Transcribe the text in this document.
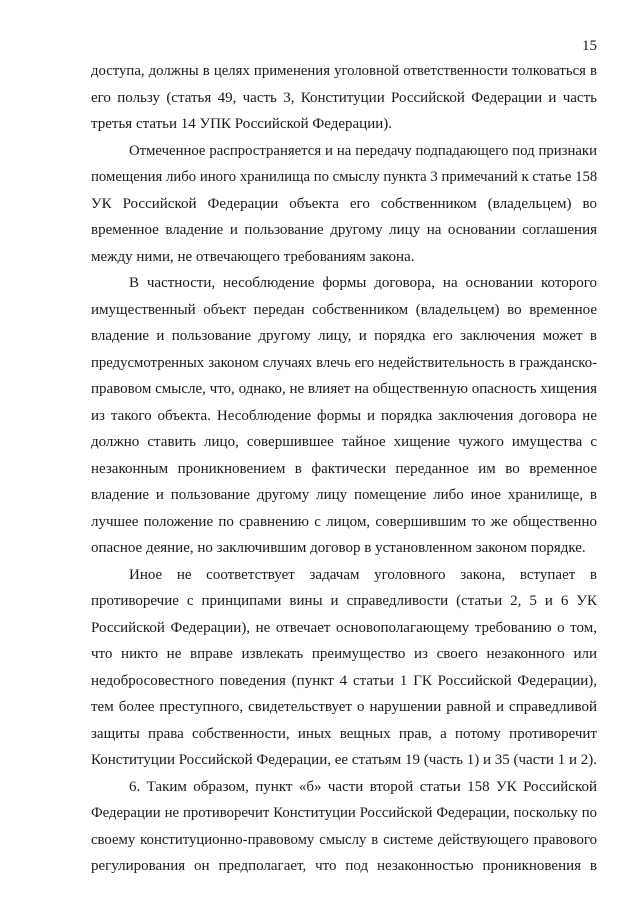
15
доступа, должны в целях применения уголовной ответственности толковаться в
его пользу (статья 49, часть 3, Конституции Российской Федерации и часть
третья статьи 14 УПК Российской Федерации).
Отмеченное распространяется и на передачу подпадающего под признаки
помещения либо иного хранилища по смыслу пункта 3 примечаний к статье 158
УК Российской Федерации объекта его собственником (владельцем) во
временное владение и пользование другому лицу на основании соглашения
между ними, не отвечающего требованиям закона.
В частности, несоблюдение формы договора, на основании которого
имущественный объект передан собственником (владельцем) во временное
владение и пользование другому лицу, и порядка его заключения может в
предусмотренных законом случаях влечь его недействительность в гражданско-
правовом смысле, что, однако, не влияет на общественную опасность хищения
из такого объекта. Несоблюдение формы и порядка заключения договора не
должно ставить лицо, совершившее тайное хищение чужого имущества с
незаконным проникновением в фактически переданное им во временное
владение и пользование другому лицу помещение либо иное хранилище, в
лучшее положение по сравнению с лицом, совершившим то же общественно
опасное деяние, но заключившим договор в установленном законом порядке.
Иное не соответствует задачам уголовного закона, вступает в
противоречие с принципами вины и справедливости (статьи 2, 5 и 6 УК
Российской Федерации), не отвечает основополагающему требованию о том,
что никто не вправе извлекать преимущество из своего незаконного или
недобросовестного поведения (пункт 4 статьи 1 ГК Российской Федерации),
тем более преступного, свидетельствует о нарушении равной и справедливой
защиты права собственности, иных вещных прав, а потому противоречит
Конституции Российской Федерации, ее статьям 19 (часть 1) и 35 (части 1 и 2).
6. Таким образом, пункт «б» части второй статьи 158 УК Российской
Федерации не противоречит Конституции Российской Федерации, поскольку по
своему конституционно-правовому смыслу в системе действующего правового
регулирования он предполагает, что под незаконностью проникновения в
